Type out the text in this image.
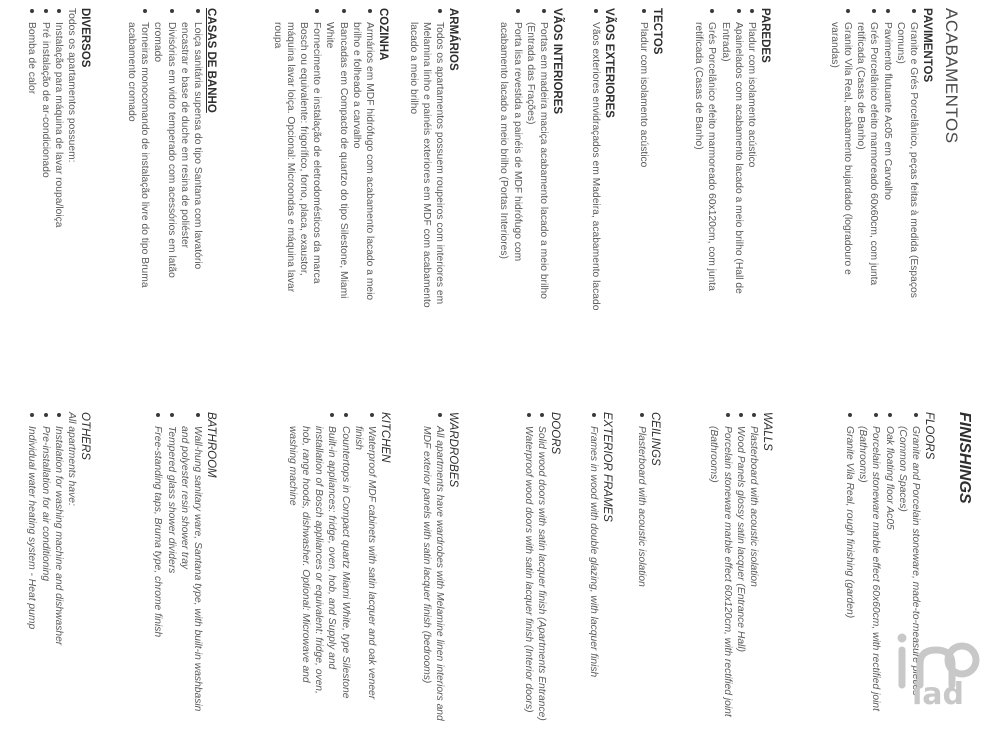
ACABAMENTOS
PAVIMENTOS
Granito e Grés Porcelânico, peças feitas à medida (Espaços Comuns)
Pavimento flutuante Ac05 em Carvalho
Grés Porcelânico efeito marmoreado 60x60cm, com junta retificada (Casas de Banho)
Granito Vila Real, acabamento bujardado (logradouro e varandas)
PAREDES
Pladur com isolamento acústico
Apainelados com acabamento lacado a meio brilho (Hall de Entrada)
Grés Porcelânico efeito marmoreado 60x120cm, com junta retificada (Casas de Banho)
TECTOS
Pladur com isolamento acústico
VÃOS EXTERIORES
Vãos exteriores envidraçados em Madeira, acabamento lacado
VÃOS INTERIORES
Portas em madeira maciça acabamento lacado a meio brilho (Entrada das Frações)
Porta lisa revestida a painéis de MDF hidrófugo com acabamento lacado a meio brilho (Portas Interiores)
ARMÁRIOS
Todos os apartamentos possuem roupeiros com interiores em Melamina linho e painéis exteriores em MDF com acabamento lacado a meio brilho
COZINHA
Armários em MDF hidrófugo com acabamento lacado a meio brilho e folheado a carvalho
Bancadas em Compacto de quartzo do tipo Silestone, Miami White
Fornecimento e instalação de eletrodomésticos da marca Bosch ou equivalente: frigorífico, forno, placa, exaustor, máquina lavar loiça. Opcional: Microondas e máquina lavar roupa
CASAS DE BANHO
Loiça sanitária supensa do tipo Santana com lavatório encastrar e base de duche em resina de poliéster
Divisórias em vidro temperado com acessórios em latão cromado
Torneiras monocomando de instalação livre do tipo Bruma acabamento cromado
DIVERSOS
Todos os apartamentos possuem:
Instalação para máquina de lavar roupa/loiça
Pré instalação de ar-condicionado
Bomba de calor
FINISHINGS
FLOORS
Granite and Porcelain stoneware, made-to-measure pieces (Common Spaces)
Oak floating floor Ac05
Porcelain stoneware marble effect 60x60cm, with rectified joint (Bathrooms)
Granite Vila Real, rough finishing (garden)
WALLS
Plasterboard with acoustic isolation
Wood Panels glossy satin lacquer (Entrance Hall)
Porcelain stoneware marble effect 60x120cm, with rectified joint (Bathrooms)
CEILINGS
Plasterboard with acoustic isolation
EXTERIOR FRAMES
Frames in wood with double glazing, with lacquer finish
DOORS
Solid wood doors with satin lacquer finish (Apartments Entrance)
Waterproof wood doors with satin lacquer finish (Interior doors)
WARDROBES
All apartments have wardrobes with Melamine linen interiors and MDF exterior panels with satin lacquer finish (bedrooms)
KITCHEN
Waterproof MDF cabinets with satin lacquer and oak veneer finish
Countertops in Compact quartz Miami White, type Silestone
Built-in appliances: fridge, oven, hob, and Supply and installation of Bosch appliances or equivalent: fridge, oven, hob, range hoods, dishwasher. Optional: Microwave and washing machine
BATHROOM
Wall-hung sanitary ware, Santana type, with built-in washbasin and polyester resin shower tray
Tempered glass shower dividers
Free-standing taps, Bruma type, chrome finish
OTHERS
All apartments have:
Instalation for washing machine and dishwasher
Pre-installation for air conditioning
Individual water heating system - Heat pump
iad
